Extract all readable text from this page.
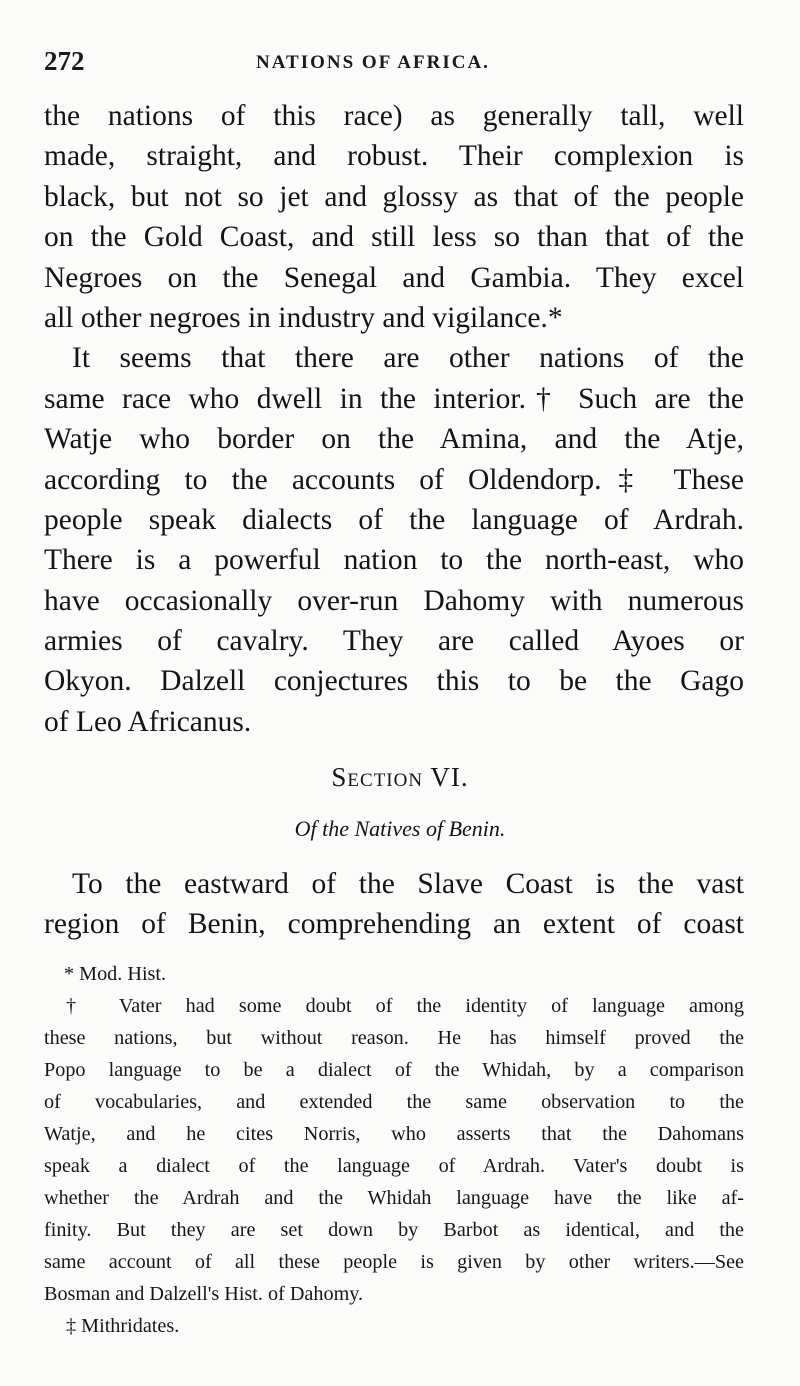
272	NATIONS OF AFRICA.
the nations of this race) as generally tall, well
made, straight, and robust. Their complexion is
black, but not so jet and glossy as that of the people
on the Gold Coast, and still less so than that of the
Negroes on the Senegal and Gambia. They excel
all other negroes in industry and vigilance.*
It seems that there are other nations of the
same race who dwell in the interior.† Such are the
Watje who border on the Amina, and the Atje,
according to the accounts of Oldendorp.‡ These
people speak dialects of the language of Ardrah.
There is a powerful nation to the north-east, who
have occasionally over-run Dahomy with numerous
armies of cavalry. They are called Ayoes or
Okyon. Dalzell conjectures this to be the Gago
of Leo Africanus.
Section VI.
Of the Natives of Benin.
To the eastward of the Slave Coast is the vast
region of Benin, comprehending an extent of coast
* Mod. Hist.
† Vater had some doubt of the identity of language among
these nations, but without reason. He has himself proved the
Popo language to be a dialect of the Whidah, by a comparison
of vocabularies, and extended the same observation to the
Watje, and he cites Norris, who asserts that the Dahomans
speak a dialect of the language of Ardrah. Vater's doubt is
whether the Ardrah and the Whidah language have the like af-
finity. But they are set down by Barbot as identical, and the
same account of all these people is given by other writers.—See
Bosman and Dalzell's Hist. of Dahomy.
‡ Mithridates.
